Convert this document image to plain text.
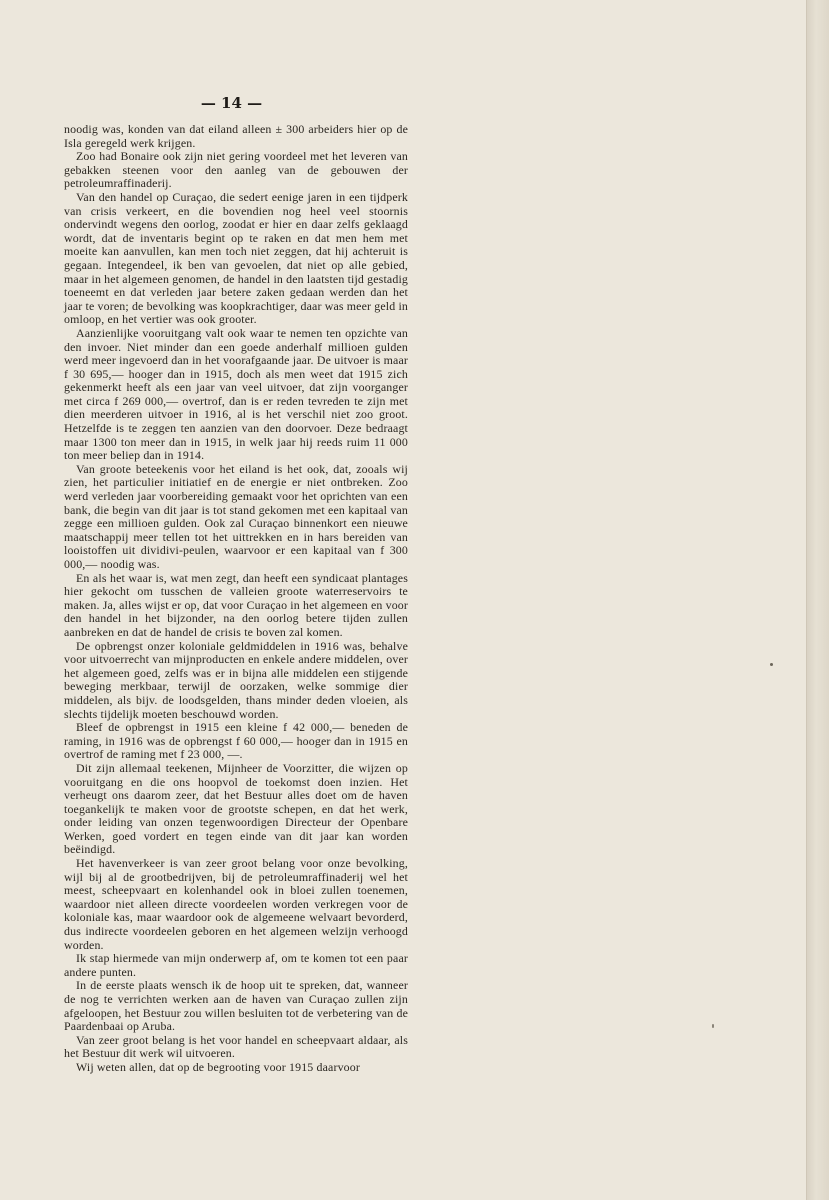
— 14 —

noodig was, konden van dat eiland alleen ± 300 arbeiders hier op de Isla geregeld werk krijgen.

Zoo had Bonaire ook zijn niet gering voordeel met het leveren van gebakken steenen voor den aanleg van de gebouwen der petroleumraffinaderij.

Van den handel op Curaçao, die sedert eenige jaren in een tijdperk van crisis verkeert, en die bovendien nog heel veel stoornis ondervindt wegens den oorlog, zoodat er hier en daar zelfs geklaagd wordt, dat de inventaris begint op te raken en dat men hem met moeite kan aanvullen, kan men toch niet zeggen, dat hij achteruit is gegaan. Integendeel, ik ben van gevoelen, dat niet op alle gebied, maar in het algemeen genomen, de handel in den laatsten tijd gestadig toeneemt en dat verleden jaar betere zaken gedaan werden dan het jaar te voren; de bevolking was koopkrachtiger, daar was meer geld in omloop, en het vertier was ook grooter.

Aanzienlijke vooruitgang valt ook waar te nemen ten opzichte van den invoer. Niet minder dan een goede anderhalf millioen gulden werd meer ingevoerd dan in het voorafgaande jaar. De uitvoer is maar f 30 695,— hooger dan in 1915, doch als men weet dat 1915 zich gekenmerkt heeft als een jaar van veel uitvoer, dat zijn voorganger met circa f 269 000,— overtrof, dan is er reden tevreden te zijn met dien meerderen uitvoer in 1916, al is het verschil niet zoo groot. Hetzelfde is te zeggen ten aanzien van den doorvoer. Deze bedraagt maar 1300 ton meer dan in 1915, in welk jaar hij reeds ruim 11 000 ton meer beliep dan in 1914.

Van groote beteekenis voor het eiland is het ook, dat, zooals wij zien, het particulier initiatief en de energie er niet ontbreken. Zoo werd verleden jaar voorbereiding gemaakt voor het oprichten van een bank, die begin van dit jaar is tot stand gekomen met een kapitaal van zegge een millioen gulden. Ook zal Curaçao binnenkort een nieuwe maatschappij meer tellen tot het uittrekken en in hars bereiden van looistoffen uit dividivi-peulen, waarvoor er een kapitaal van f 300 000,— noodig was.

En als het waar is, wat men zegt, dan heeft een syndicaat plantages hier gekocht om tusschen de valleien groote waterreservoirs te maken. Ja, alles wijst er op, dat voor Curaçao in het algemeen en voor den handel in het bijzonder, na den oorlog betere tijden zullen aanbreken en dat de handel de crisis te boven zal komen.

De opbrengst onzer koloniale geldmiddelen in 1916 was, behalve voor uitvoerrecht van mijnproducten en enkele andere middelen, over het algemeen goed, zelfs was er in bijna alle middelen een stijgende beweging merkbaar, terwijl de oorzaken, welke sommige dier middelen, als bijv. de loodsgelden, thans minder deden vloeien, als slechts tijdelijk moeten beschouwd worden.

Bleef de opbrengst in 1915 een kleine f 42 000,— beneden de raming, in 1916 was de opbrengst f 60 000,— hooger dan in 1915 en overtrof de raming met f 23 000, —.

Dit zijn allemaal teekenen, Mijnheer de Voorzitter, die wijzen op vooruitgang en die ons hoopvol de toekomst doen inzien. Het verheugt ons daarom zeer, dat het Bestuur alles doet om de haven toegankelijk te maken voor de grootste schepen, en dat het werk, onder leiding van onzen tegenwoordigen Directeur der Openbare Werken, goed vordert en tegen einde van dit jaar kan worden beëindigd.

Het havenverkeer is van zeer groot belang voor onze bevolking, wijl bij al de grootbedrijven, bij de petroleumraffinaderij wel het meest, scheepvaart en kolenhandel ook in bloei zullen toenemen, waardoor niet alleen directe voordeelen worden verkregen voor de koloniale kas, maar waardoor ook de algemeene welvaart bevorderd, dus indirecte voordeelen geboren en het algemeen welzijn verhoogd worden.

Ik stap hiermede van mijn onderwerp af, om te komen tot een paar andere punten.

In de eerste plaats wensch ik de hoop uit te spreken, dat, wanneer de nog te verrichten werken aan de haven van Curaçao zullen zijn afgeloopen, het Bestuur zou willen besluiten tot de verbetering van de Paardenbaai op Aruba.

Van zeer groot belang is het voor handel en scheepvaart aldaar, als het Bestuur dit werk wil uitvoeren.

Wij weten allen, dat op de begrooting voor 1915 daarvoor
